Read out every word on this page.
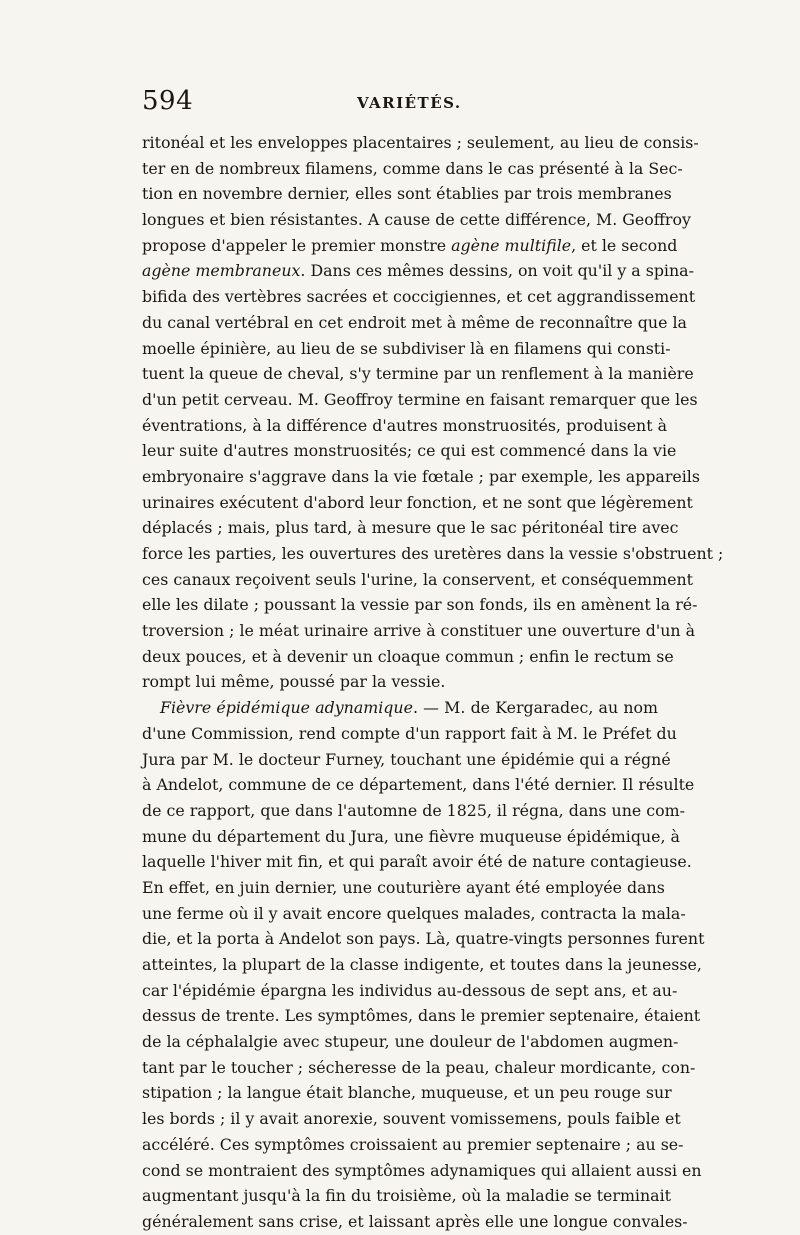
594	VARIÉTÉS.
ritonéal et les enveloppes placentaires ; seulement, au lieu de consis-
ter en de nombreux filamens, comme dans le cas présenté à la Sec-
tion en novembre dernier, elles sont établies par trois membranes
longues et bien résistantes. A cause de cette différence, M. Geoffroy
propose d'appeler le premier monstre agène multifile, et le second
agène membraneux. Dans ces mêmes dessins, on voit qu'il y a spina-
bifida des vertèbres sacrées et coccigiennes, et cet aggrandissement
du canal vertébral en cet endroit met à même de reconnaître que la
moelle épinière, au lieu de se subdiviser là en filamens qui consti-
tuent la queue de cheval, s'y termine par un renflement à la manière
d'un petit cerveau. M. Geoffroy termine en faisant remarquer que les
éventrations, à la différence d'autres monstruosités, produisent à
leur suite d'autres monstruosités; ce qui est commencé dans la vie
embryonaire s'aggrave dans la vie fœtale ; par exemple, les appareils
urinaires exécutent d'abord leur fonction, et ne sont que légèrement
déplacés ; mais, plus tard, à mesure que le sac péritonéal tire avec
force les parties, les ouvertures des uretères dans la vessie s'obstruent ;
ces canaux reçoivent seuls l'urine, la conservent, et conséquemment
elle les dilate ; poussant la vessie par son fonds, ils en amènent la ré-
troversion ; le méat urinaire arrive à constituer une ouverture d'un à
deux pouces, et à devenir un cloaque commun ; enfin le rectum se
rompt lui même, poussé par la vessie.
Fièvre épidémique adynamique. — M. de Kergaradec, au nom
d'une Commission, rend compte d'un rapport fait à M. le Préfet du
Jura par M. le docteur Furney, touchant une épidémie qui a régné
à Andelot, commune de ce département, dans l'été dernier. Il résulte
de ce rapport, que dans l'automne de 1825, il régna, dans une com-
mune du département du Jura, une fièvre muqueuse épidémique, à
laquelle l'hiver mit fin, et qui paraît avoir été de nature contagieuse.
En effet, en juin dernier, une couturière ayant été employée dans
une ferme où il y avait encore quelques malades, contracta la mala-
die, et la porta à Andelot son pays. Là, quatre-vingts personnes furent
atteintes, la plupart de la classe indigente, et toutes dans la jeunesse,
car l'épidémie épargna les individus au-dessous de sept ans, et au-
dessus de trente. Les symptômes, dans le premier septenaire, étaient
de la céphalalgie avec stupeur, une douleur de l'abdomen augmen-
tant par le toucher ; sécheresse de la peau, chaleur mordicante, con-
stipation ; la langue était blanche, muqueuse, et un peu rouge sur
les bords ; il y avait anorexie, souvent vomissemens, pouls faible et
accéléré. Ces symptômes croissaient au premier septenaire ; au se-
cond se montraient des symptômes adynamiques qui allaient aussi en
augmentant jusqu'à la fin du troisième, où la maladie se terminait
généralement sans crise, et laissant après elle une longue convales-
